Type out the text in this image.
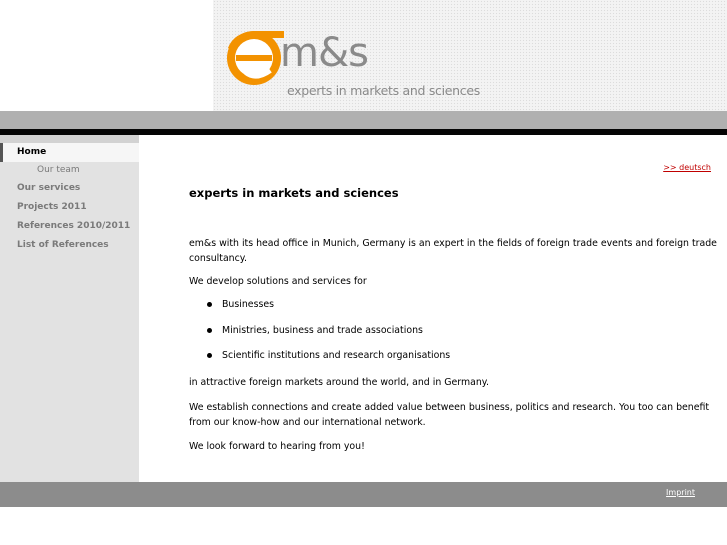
m&s
experts in markets and sciences
Home
Our team
Our services
Projects 2011
References 2010/2011
List of References
>> deutsch
experts in markets and sciences

em&s with its head office in Munich, Germany is an expert in the fields of foreign trade events and foreign trade consultancy.

We develop solutions and services for

Businesses
Ministries, business and trade associations
Scientific institutions and research organisations

in attractive foreign markets around the world, and in Germany.

We establish connections and create added value between business, politics and research. You too can benefit from our know-how and our international network.

We look forward to hearing from you!

Imprint
